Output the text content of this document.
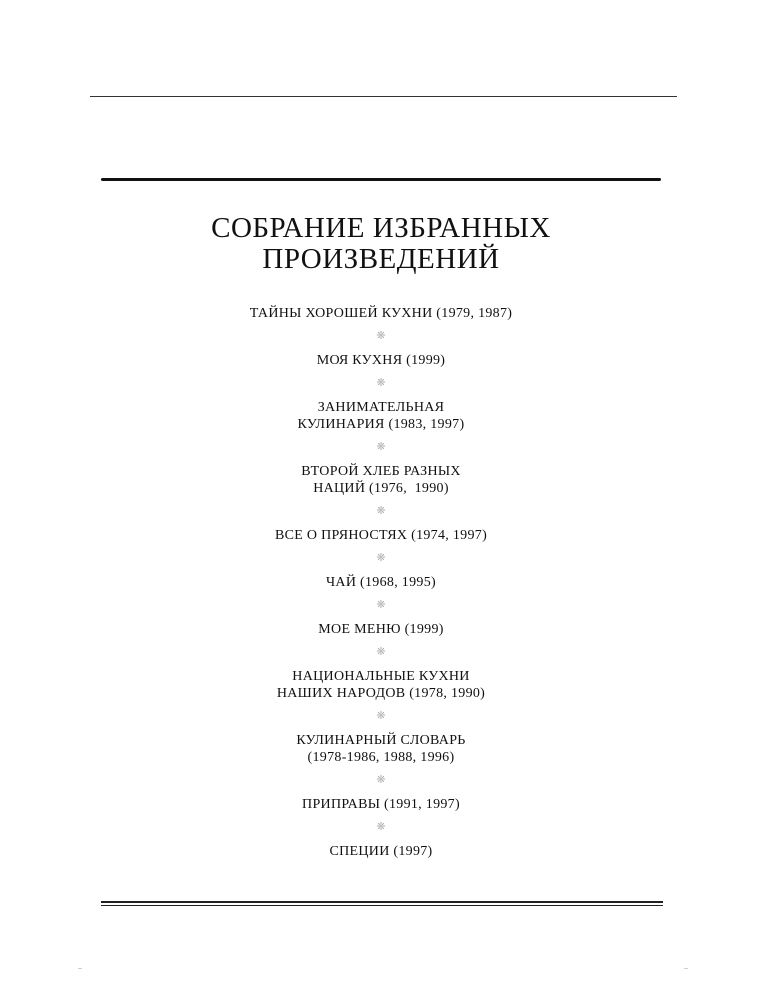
СОБРАНИЕ ИЗБРАННЫХ
ПРОИЗВЕДЕНИЙ
ТАЙНЫ ХОРОШЕЙ КУХНИ (1979, 1987)
❋
МОЯ КУХНЯ (1999)
❋
ЗАНИМАТЕЛЬНАЯ
КУЛИНАРИЯ (1983, 1997)
❋
ВТОРОЙ ХЛЕБ РАЗНЫХ
НАЦИЙ (1976,  1990)
❋
ВСЕ О ПРЯНОСТЯХ (1974, 1997)
❋
ЧАЙ (1968, 1995)
❋
МОЕ МЕНЮ (1999)
❋
НАЦИОНАЛЬНЫЕ КУХНИ
НАШИХ НАРОДОВ (1978, 1990)
❋
КУЛИНАРНЫЙ СЛОВАРЬ
(1978-1986, 1988, 1996)
❋
ПРИПРАВЫ (1991, 1997)
❋
СПЕЦИИ (1997)
